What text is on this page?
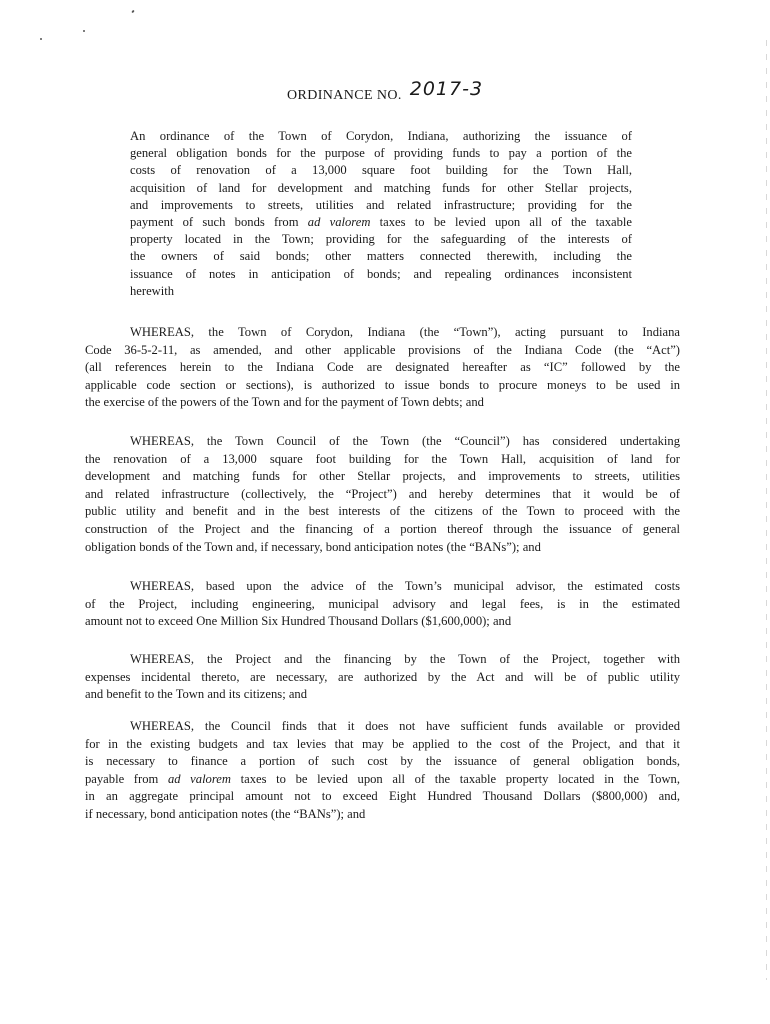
ORDINANCE NO. 2017-3
An ordinance of the Town of Corydon, Indiana, authorizing the issuance of
general obligation bonds for the purpose of providing funds to pay a portion of the
costs of renovation of a 13,000 square foot building for the Town Hall,
acquisition of land for development and matching funds for other Stellar projects,
and improvements to streets, utilities and related infrastructure; providing for the
payment of such bonds from ad valorem taxes to be levied upon all of the taxable
property located in the Town; providing for the safeguarding of the interests of
the owners of said bonds; other matters connected therewith, including the
issuance of notes in anticipation of bonds; and repealing ordinances inconsistent
herewith
WHEREAS, the Town of Corydon, Indiana (the “Town”), acting pursuant to Indiana
Code 36-5-2-11, as amended, and other applicable provisions of the Indiana Code (the “Act”)
(all references herein to the Indiana Code are designated hereafter as “IC” followed by the
applicable code section or sections), is authorized to issue bonds to procure moneys to be used in
the exercise of the powers of the Town and for the payment of Town debts; and
WHEREAS, the Town Council of the Town (the “Council”) has considered undertaking
the renovation of a 13,000 square foot building for the Town Hall, acquisition of land for
development and matching funds for other Stellar projects, and improvements to streets, utilities
and related infrastructure (collectively, the “Project”) and hereby determines that it would be of
public utility and benefit and in the best interests of the citizens of the Town to proceed with the
construction of the Project and the financing of a portion thereof through the issuance of general
obligation bonds of the Town and, if necessary, bond anticipation notes (the “BANs”); and
WHEREAS, based upon the advice of the Town’s municipal advisor, the estimated costs
of the Project, including engineering, municipal advisory and legal fees, is in the estimated
amount not to exceed One Million Six Hundred Thousand Dollars ($1,600,000); and
WHEREAS, the Project and the financing by the Town of the Project, together with
expenses incidental thereto, are necessary, are authorized by the Act and will be of public utility
and benefit to the Town and its citizens; and
WHEREAS, the Council finds that it does not have sufficient funds available or provided
for in the existing budgets and tax levies that may be applied to the cost of the Project, and that it
is necessary to finance a portion of such cost by the issuance of general obligation bonds,
payable from ad valorem taxes to be levied upon all of the taxable property located in the Town,
in an aggregate principal amount not to exceed Eight Hundred Thousand Dollars ($800,000) and,
if necessary, bond anticipation notes (the “BANs”); and
